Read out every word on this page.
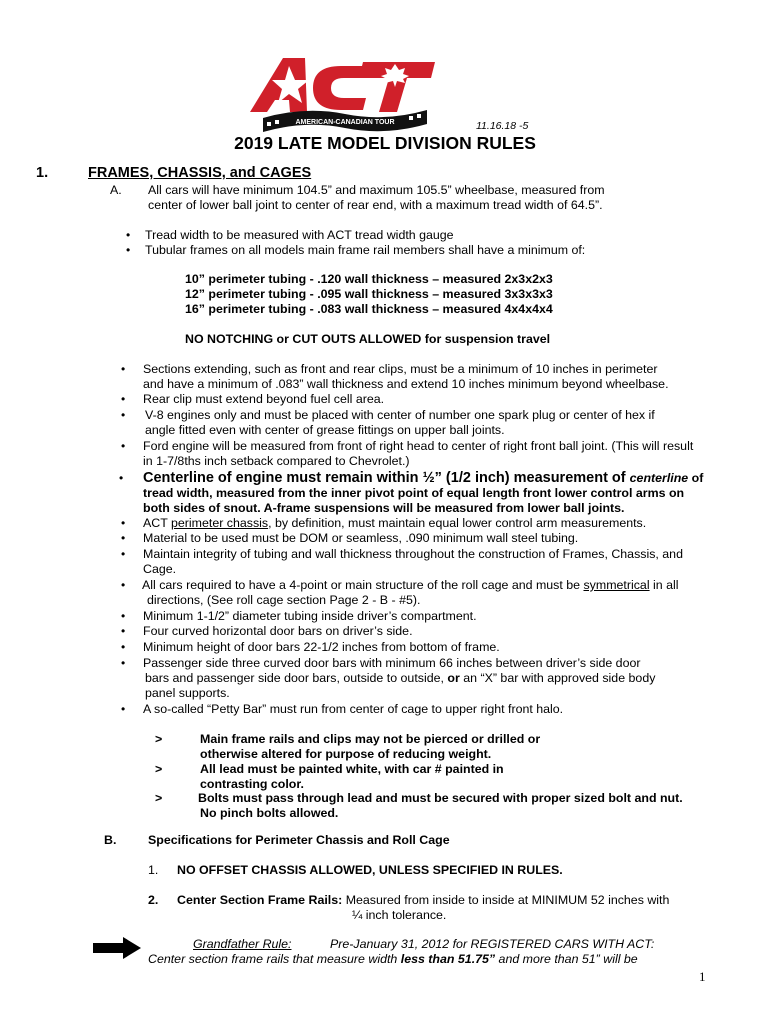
AMERICAN-CANADIAN TOUR	11.16.18 -5
2019 LATE MODEL DIVISION RULES
1.	FRAMES, CHASSIS, and CAGES
A. All cars will have minimum 104.5” and maximum 105.5” wheelbase, measured from
center of lower ball joint to center of rear end, with a maximum tread width of 64.5”.
• Tread width to be measured with ACT tread width gauge
• Tubular frames on all models main frame rail members shall have a minimum of:
10” perimeter tubing - .120 wall thickness – measured 2x3x2x3
12” perimeter tubing - .095 wall thickness – measured 3x3x3x3
16” perimeter tubing - .083 wall thickness – measured 4x4x4x4
NO NOTCHING or CUT OUTS ALLOWED for suspension travel
• Sections extending, such as front and rear clips, must be a minimum of 10 inches in perimeter
and have a minimum of .083” wall thickness and extend 10 inches minimum beyond wheelbase.
• Rear clip must extend beyond fuel cell area.
• V-8 engines only and must be placed with center of number one spark plug or center of hex if
angle fitted even with center of grease fittings on upper ball joints.
• Ford engine will be measured from front of right head to center of right front ball joint. (This will result
in 1-7/8ths inch setback compared to Chevrolet.)
• Centerline of engine must remain within ½” (1/2 inch) measurement of centerline of
tread width, measured from the inner pivot point of equal length front lower control arms on
both sides of snout. A-frame suspensions will be measured from lower ball joints.
• ACT perimeter chassis, by definition, must maintain equal lower control arm measurements.
• Material to be used must be DOM or seamless, .090 minimum wall steel tubing.
• Maintain integrity of tubing and wall thickness throughout the construction of Frames, Chassis, and
Cage.
• All cars required to have a 4-point or main structure of the roll cage and must be symmetrical in all
directions, (See roll cage section Page 2 - B - #5).
• Minimum 1-1/2” diameter tubing inside driver’s compartment.
• Four curved horizontal door bars on driver’s side.
• Minimum height of door bars 22-1/2 inches from bottom of frame.
• Passenger side three curved door bars with minimum 66 inches between driver’s side door
bars and passenger side door bars, outside to outside, or an “X” bar with approved side body
panel supports.
• A so-called “Petty Bar” must run from center of cage to upper right front halo.
>	Main frame rails and clips may not be pierced or drilled or
otherwise altered for purpose of reducing weight.
>	All lead must be painted white, with car # painted in
contrasting color.
>	Bolts must pass through lead and must be secured with proper sized bolt and nut.
No pinch bolts allowed.
B.	Specifications for Perimeter Chassis and Roll Cage
1. NO OFFSET CHASSIS ALLOWED, UNLESS SPECIFIED IN RULES.
2. Center Section Frame Rails: Measured from inside to inside at MINIMUM 52 inches with
¼ inch tolerance.
Grandfather Rule:	Pre-January 31, 2012 for REGISTERED CARS WITH ACT:
Center section frame rails that measure width less than 51.75” and more than 51” will be
1
